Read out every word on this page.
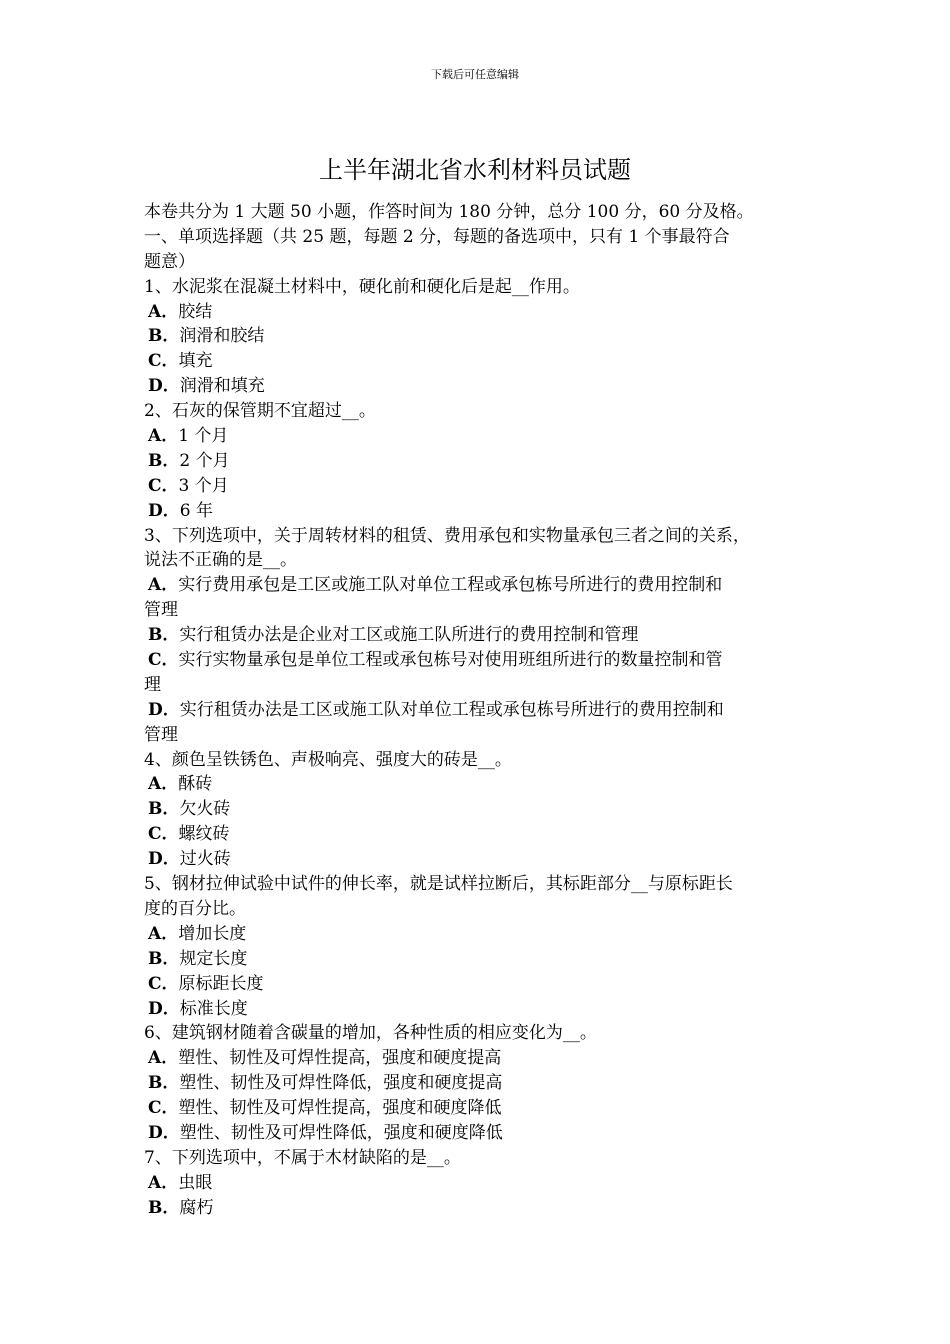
下载后可任意编辑
上半年湖北省水利材料员试题
本卷共分为 1 大题 50 小题，作答时间为 180 分钟，总分 100 分，60 分及格。
一、单项选择题（共 25 题，每题 2 分，每题的备选项中，只有 1 个事最符合
题意）
1、水泥浆在混凝土材料中，硬化前和硬化后是起__作用。
A．胶结
B．润滑和胶结
C．填充
D．润滑和填充
2、石灰的保管期不宜超过__。
A．1 个月
B．2 个月
C．3 个月
D．6 年
3、下列选项中，关于周转材料的租赁、费用承包和实物量承包三者之间的关系，
说法不正确的是__。
A．实行费用承包是工区或施工队对单位工程或承包栋号所进行的费用控制和
管理
B．实行租赁办法是企业对工区或施工队所进行的费用控制和管理
C．实行实物量承包是单位工程或承包栋号对使用班组所进行的数量控制和管
理
D．实行租赁办法是工区或施工队对单位工程或承包栋号所进行的费用控制和
管理
4、颜色呈铁锈色、声极响亮、强度大的砖是__。
A．酥砖
B．欠火砖
C．螺纹砖
D．过火砖
5、钢材拉伸试验中试件的伸长率，就是试样拉断后，其标距部分__与原标距长
度的百分比。
A．增加长度
B．规定长度
C．原标距长度
D．标准长度
6、建筑钢材随着含碳量的增加，各种性质的相应变化为__。
A．塑性、韧性及可焊性提高，强度和硬度提高
B．塑性、韧性及可焊性降低，强度和硬度提高
C．塑性、韧性及可焊性提高，强度和硬度降低
D．塑性、韧性及可焊性降低，强度和硬度降低
7、下列选项中，不属于木材缺陷的是__。
A．虫眼
B．腐朽
